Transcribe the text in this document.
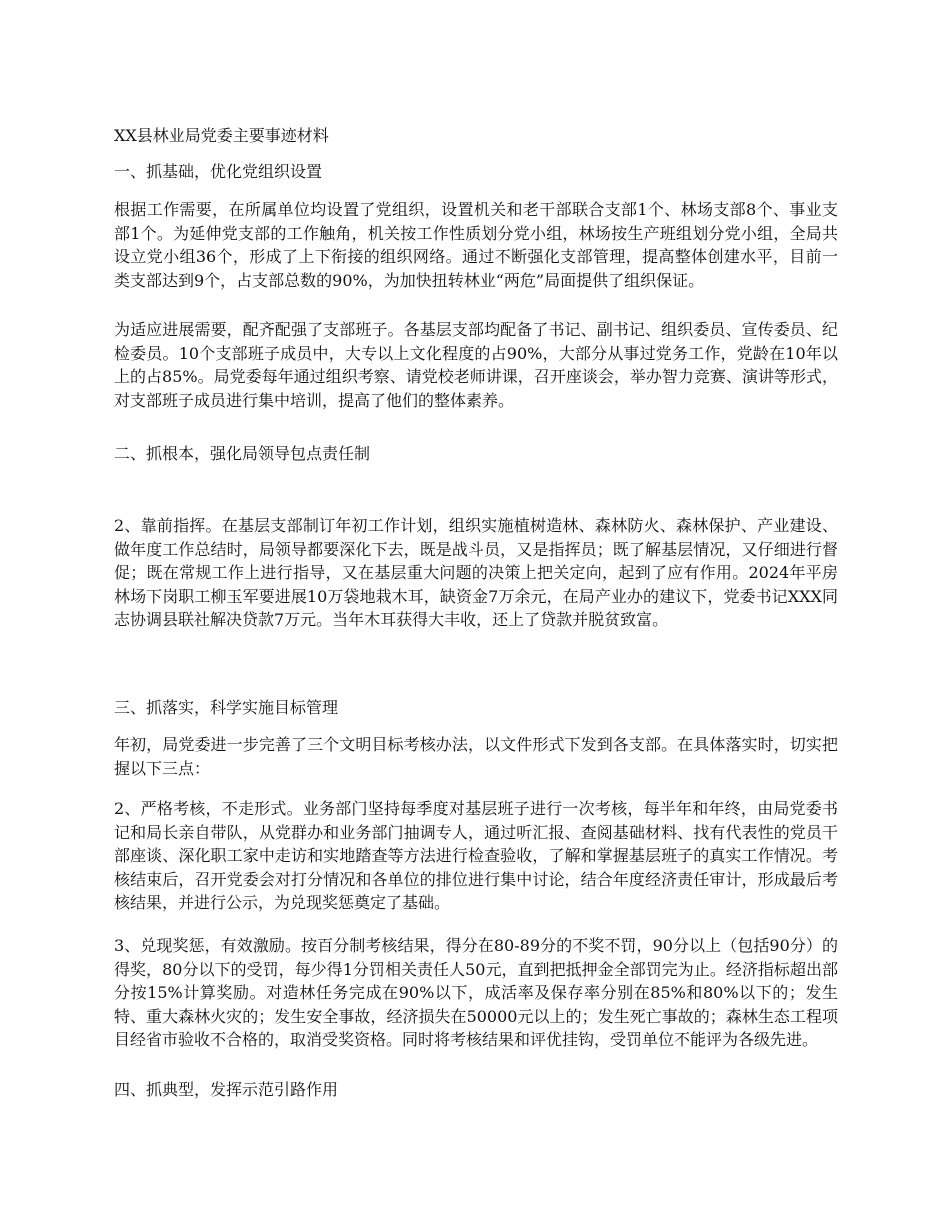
XX县林业局党委主要事迹材料

一、抓基础，优化党组织设置

根据工作需要，在所属单位均设置了党组织，设置机关和老干部联合支部1个、林场支部8个、事业支部1个。为延伸党支部的工作触角，机关按工作性质划分党小组，林场按生产班组划分党小组，全局共设立党小组36个，形成了上下衔接的组织网络。通过不断强化支部管理，提高整体创建水平，目前一类支部达到9个，占支部总数的90%，为加快扭转林业“两危”局面提供了组织保证。

为适应进展需要，配齐配强了支部班子。各基层支部均配备了书记、副书记、组织委员、宣传委员、纪检委员。10个支部班子成员中，大专以上文化程度的占90%，大部分从事过党务工作，党龄在10年以上的占85%。局党委每年通过组织考察、请党校老师讲课，召开座谈会，举办智力竞赛、演讲等形式，对支部班子成员进行集中培训，提高了他们的整体素养。

二、抓根本，强化局领导包点责任制

2、靠前指挥。在基层支部制订年初工作计划，组织实施植树造林、森林防火、森林保护、产业建设、做年度工作总结时，局领导都要深化下去，既是战斗员，又是指挥员；既了解基层情况，又仔细进行督促；既在常规工作上进行指导，又在基层重大问题的决策上把关定向，起到了应有作用。2024年平房林场下岗职工柳玉军要进展10万袋地栽木耳，缺资金7万余元，在局产业办的建议下，党委书记XXX同志协调县联社解决贷款7万元。当年木耳获得大丰收，还上了贷款并脱贫致富。

三、抓落实，科学实施目标管理

年初，局党委进一步完善了三个文明目标考核办法，以文件形式下发到各支部。在具体落实时，切实把握以下三点：

2、严格考核，不走形式。业务部门坚持每季度对基层班子进行一次考核，每半年和年终，由局党委书记和局长亲自带队，从党群办和业务部门抽调专人，通过听汇报、查阅基础材料、找有代表性的党员干部座谈、深化职工家中走访和实地踏查等方法进行检查验收，了解和掌握基层班子的真实工作情况。考核结束后，召开党委会对打分情况和各单位的排位进行集中讨论，结合年度经济责任审计，形成最后考核结果，并进行公示，为兑现奖惩奠定了基础。

3、兑现奖惩，有效激励。按百分制考核结果，得分在80-89分的不奖不罚，90分以上（包括90分）的得奖，80分以下的受罚，每少得1分罚相关责任人50元，直到把抵押金全部罚完为止。经济指标超出部分按15%计算奖励。对造林任务完成在90%以下，成活率及保存率分别在85%和80%以下的；发生特、重大森林火灾的；发生安全事故，经济损失在50000元以上的；发生死亡事故的；森林生态工程项目经省市验收不合格的，取消受奖资格。同时将考核结果和评优挂钩，受罚单位不能评为各级先进。

四、抓典型，发挥示范引路作用
